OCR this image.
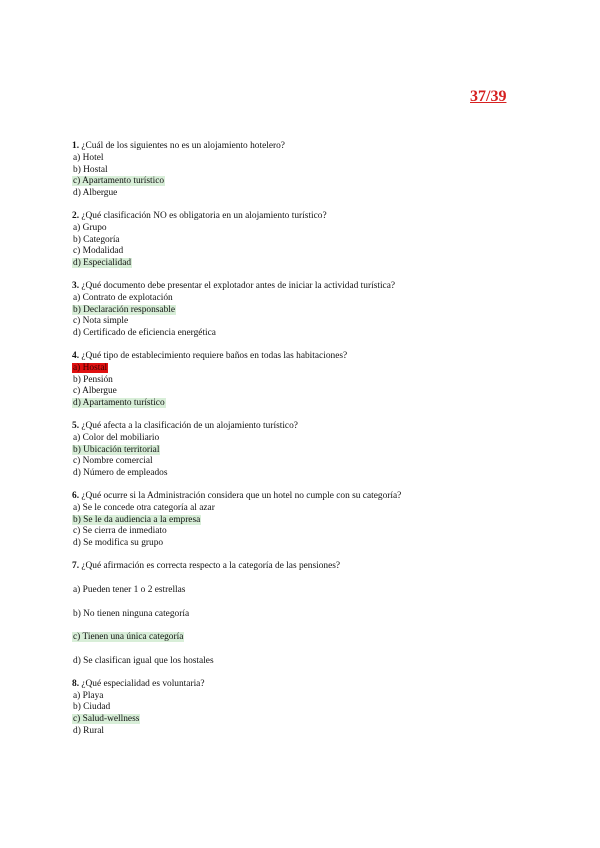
37/39
1. ¿Cuál de los siguientes no es un alojamiento hotelero?
a) Hotel
b) Hostal
c) Apartamento turístico
d) Albergue
2. ¿Qué clasificación NO es obligatoria en un alojamiento turístico?
a) Grupo
b) Categoría
c) Modalidad
d) Especialidad
3. ¿Qué documento debe presentar el explotador antes de iniciar la actividad turística?
a) Contrato de explotación
b) Declaración responsable
c) Nota simple
d) Certificado de eficiencia energética
4. ¿Qué tipo de establecimiento requiere baños en todas las habitaciones?
a) Hostal
b) Pensión
c) Albergue
d) Apartamento turístico
5. ¿Qué afecta a la clasificación de un alojamiento turístico?
a) Color del mobiliario
b) Ubicación territorial
c) Nombre comercial
d) Número de empleados
6. ¿Qué ocurre si la Administración considera que un hotel no cumple con su categoría?
a) Se le concede otra categoría al azar
b) Se le da audiencia a la empresa
c) Se cierra de inmediato
d) Se modifica su grupo
7. ¿Qué afirmación es correcta respecto a la categoría de las pensiones?
a) Pueden tener 1 o 2 estrellas
b) No tienen ninguna categoría
c) Tienen una única categoría
d) Se clasifican igual que los hostales
8. ¿Qué especialidad es voluntaria?
a) Playa
b) Ciudad
c) Salud-wellness
d) Rural
